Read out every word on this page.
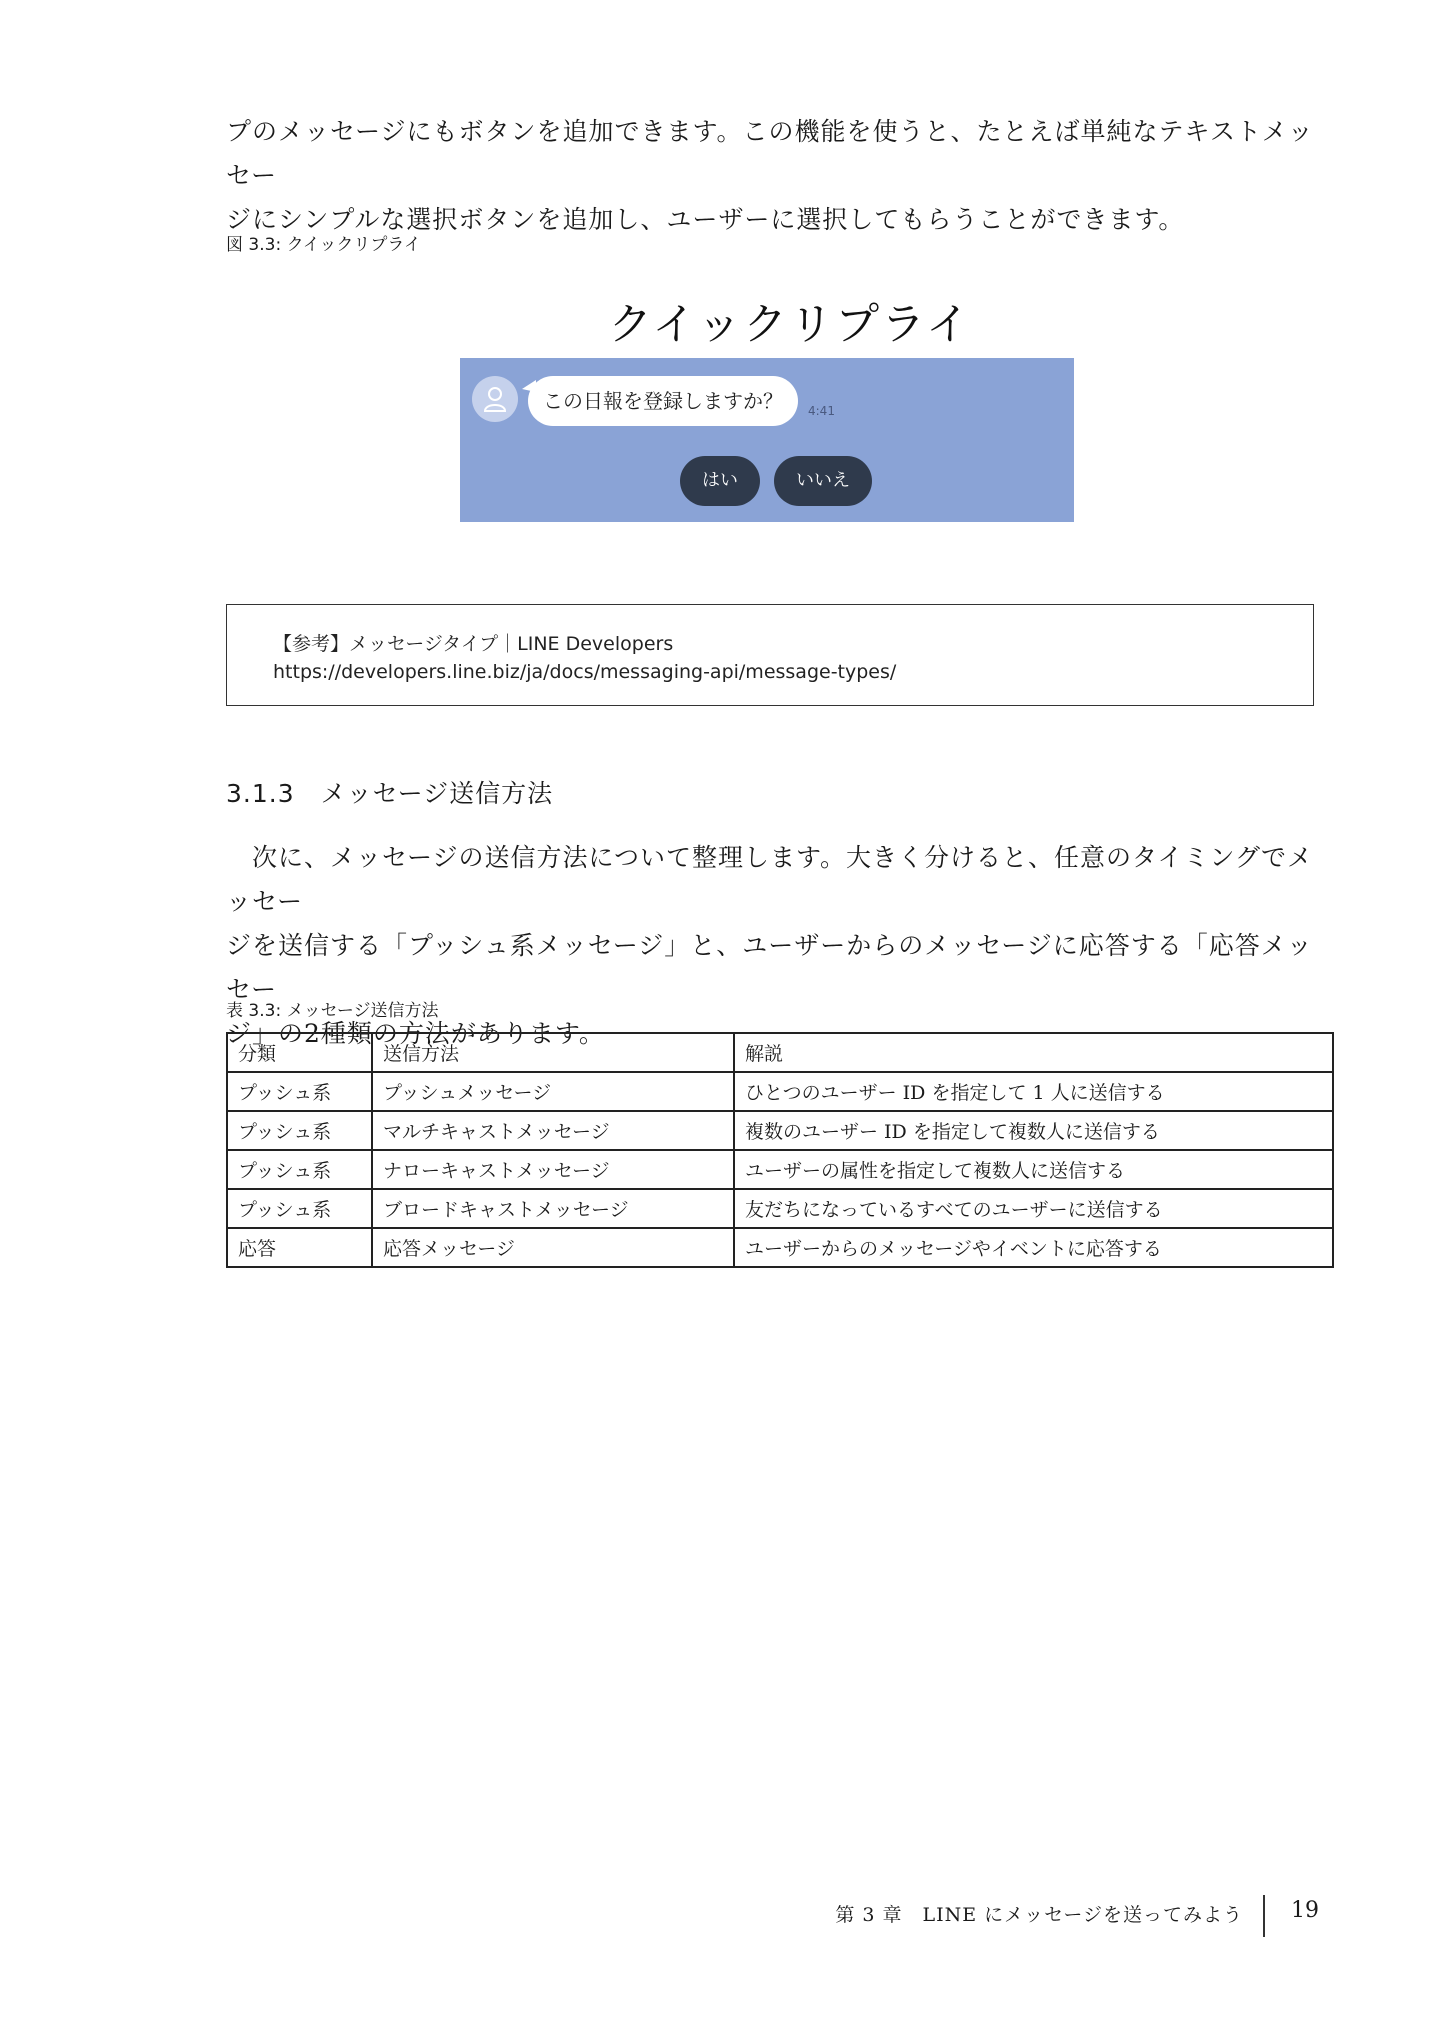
プのメッセージにもボタンを追加できます。この機能を使うと、たとえば単純なテキストメッセー
ジにシンプルな選択ボタンを追加し、ユーザーに選択してもらうことができます。
図 3.3: クイックリプライ
クイックリプライ
この日報を登録しますか？	4:41
はい	いいえ
【参考】メッセージタイプ｜LINE Developers
https://developers.line.biz/ja/docs/messaging-api/message-types/
3.1.3 メッセージ送信方法
　次に、メッセージの送信方法について整理します。大きく分けると、任意のタイミングでメッセー
ジを送信する「プッシュ系メッセージ」と、ユーザーからのメッセージに応答する「応答メッセー
ジ」の2種類の方法があります。
表 3.3: メッセージ送信方法
分類	送信方法	解説
プッシュ系	プッシュメッセージ	ひとつのユーザー ID を指定して 1 人に送信する
プッシュ系	マルチキャストメッセージ	複数のユーザー ID を指定して複数人に送信する
プッシュ系	ナローキャストメッセージ	ユーザーの属性を指定して複数人に送信する
プッシュ系	ブロードキャストメッセージ	友だちになっているすべてのユーザーに送信する
応答	応答メッセージ	ユーザーからのメッセージやイベントに応答する
第 3 章　LINE にメッセージを送ってみよう 19
